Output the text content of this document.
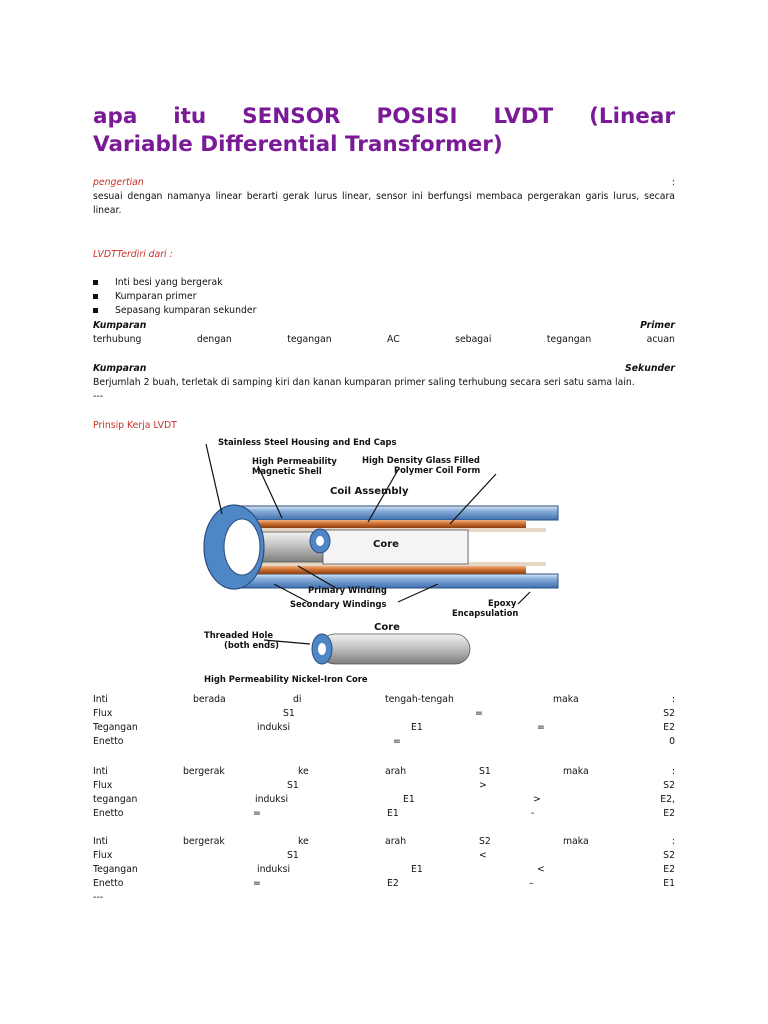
apa itu SENSOR POSISI LVDT (Linear
Variable Differential Transformer)
pengertian	:
sesuai dengan namanya linear berarti gerak lurus linear, sensor ini berfungsi membaca pergerakan garis lurus, secara
linear.
LVDTTerdiri dari :
Inti besi yang bergerak
Kumparan primer
Sepasang kumparan sekunder
Kumparan	Primer
terhubung	dengan	tegangan	AC	sebagai	tegangan	acuan
Kumparan	Sekunder
Berjumlah 2 buah, terletak di samping kiri dan kanan kumparan primer saling terhubung secara seri satu sama lain.
---
Prinsip Kerja LVDT
Stainless Steel Housing and End Caps
High Permeability
Magnetic Shell
High Density Glass Filled
Polymer Coil Form
Coil Assembly
Core
Primary Winding
Secondary Windings	Epoxy
Encapsulation
Core
Threaded Hole
(both ends)
High Permeability Nickel-Iron Core
Inti	berada	di	tengah-tengah	maka	:
Flux	S1	=	S2
Tegangan	induksi	E1	=	E2
Enetto	=	0
Inti	bergerak	ke	arah	S1	maka	:
Flux	S1	>	S2
tegangan	induksi	E1	>	E2,
Enetto	=	E1	-	E2
Inti	bergerak	ke	arah	S2	maka	:
Flux	S1	<	S2
Tegangan	induksi	E1	<	E2
Enetto	=	E2	–	E1
---
